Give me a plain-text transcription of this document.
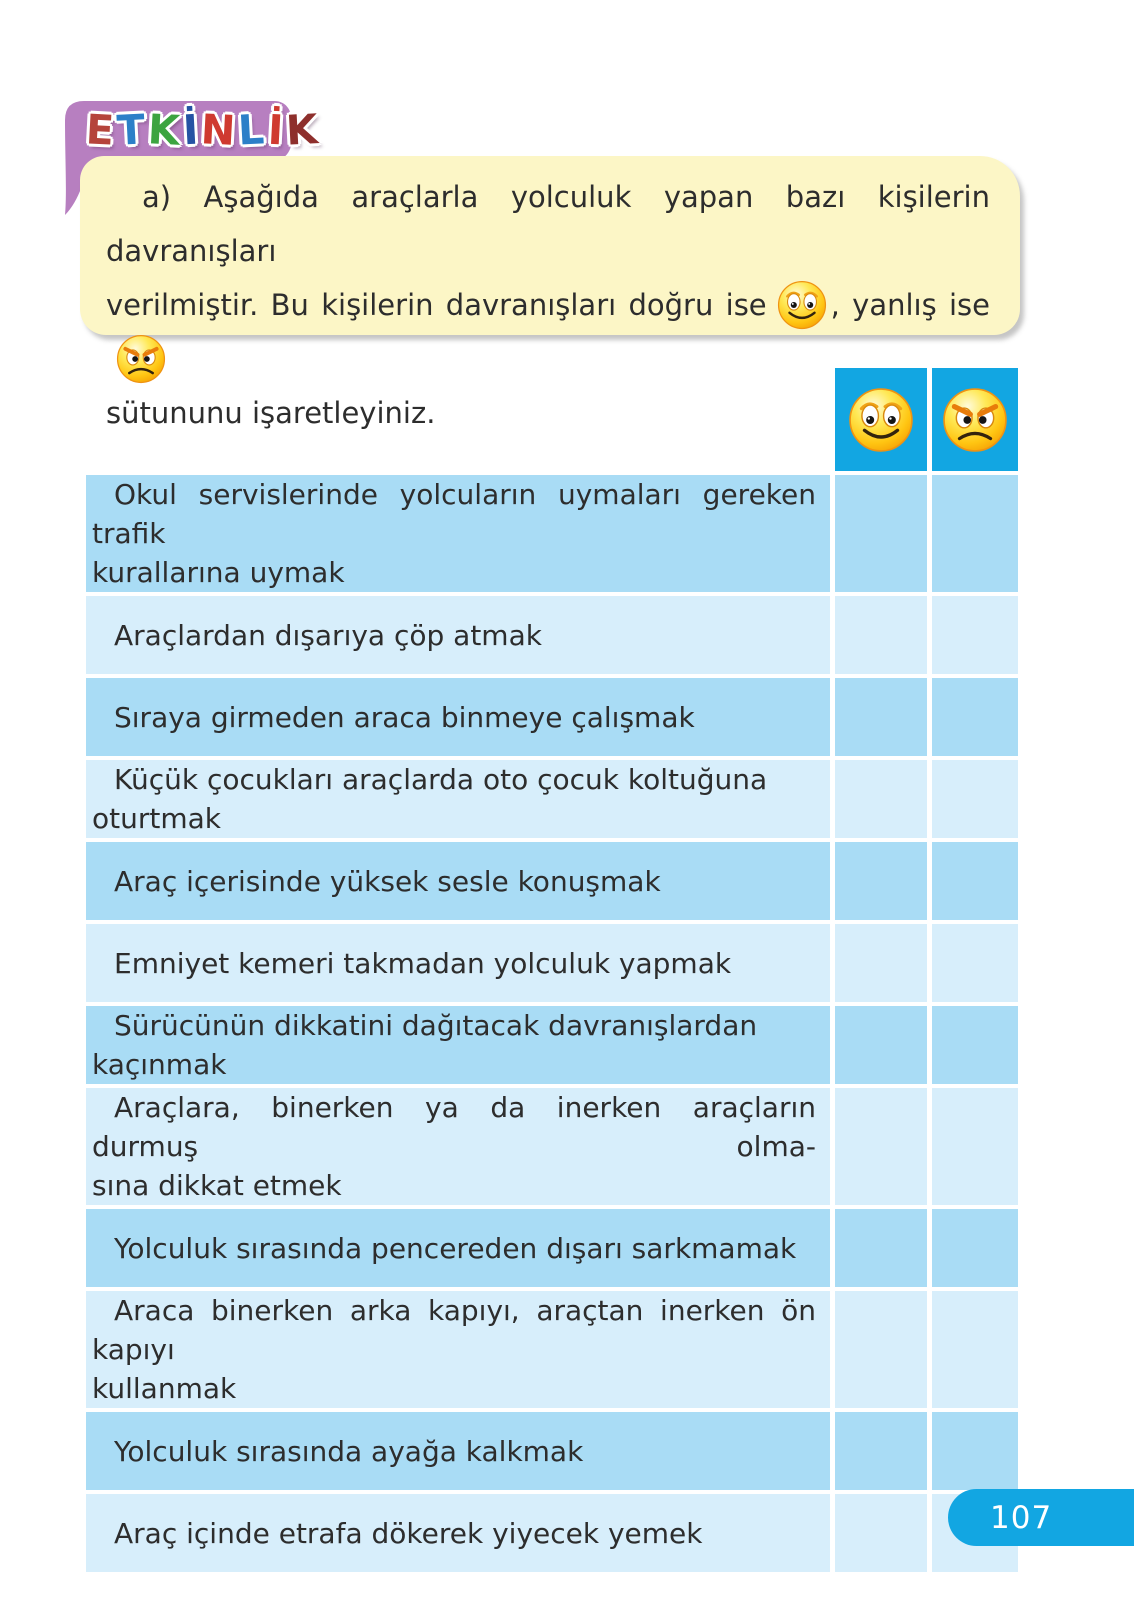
E T K İ N L İ K
a) Aşağıda araçlarla yolculuk yapan bazı kişilerin davranışları
verilmiştir. Bu kişilerin davranışları doğru ise , yanlış ise
sütununu işaretleyiniz.
Okul servislerinde yolcuların uymaları gereken trafik
kurallarına uymak
Araçlardan dışarıya çöp atmak
Sıraya girmeden araca binmeye çalışmak
Küçük çocukları araçlarda oto çocuk koltuğuna oturtmak
Araç içerisinde yüksek sesle konuşmak
Emniyet kemeri takmadan yolculuk yapmak
Sürücünün dikkatini dağıtacak davranışlardan kaçınmak
Araçlara, binerken ya da inerken araçların durmuş olma-
sına dikkat etmek
Yolculuk sırasında pencereden dışarı sarkmamak
Araca binerken arka kapıyı, araçtan inerken ön kapıyı
kullanmak
Yolculuk sırasında ayağa kalkmak
Araç içinde etrafa dökerek yiyecek yemek	107
